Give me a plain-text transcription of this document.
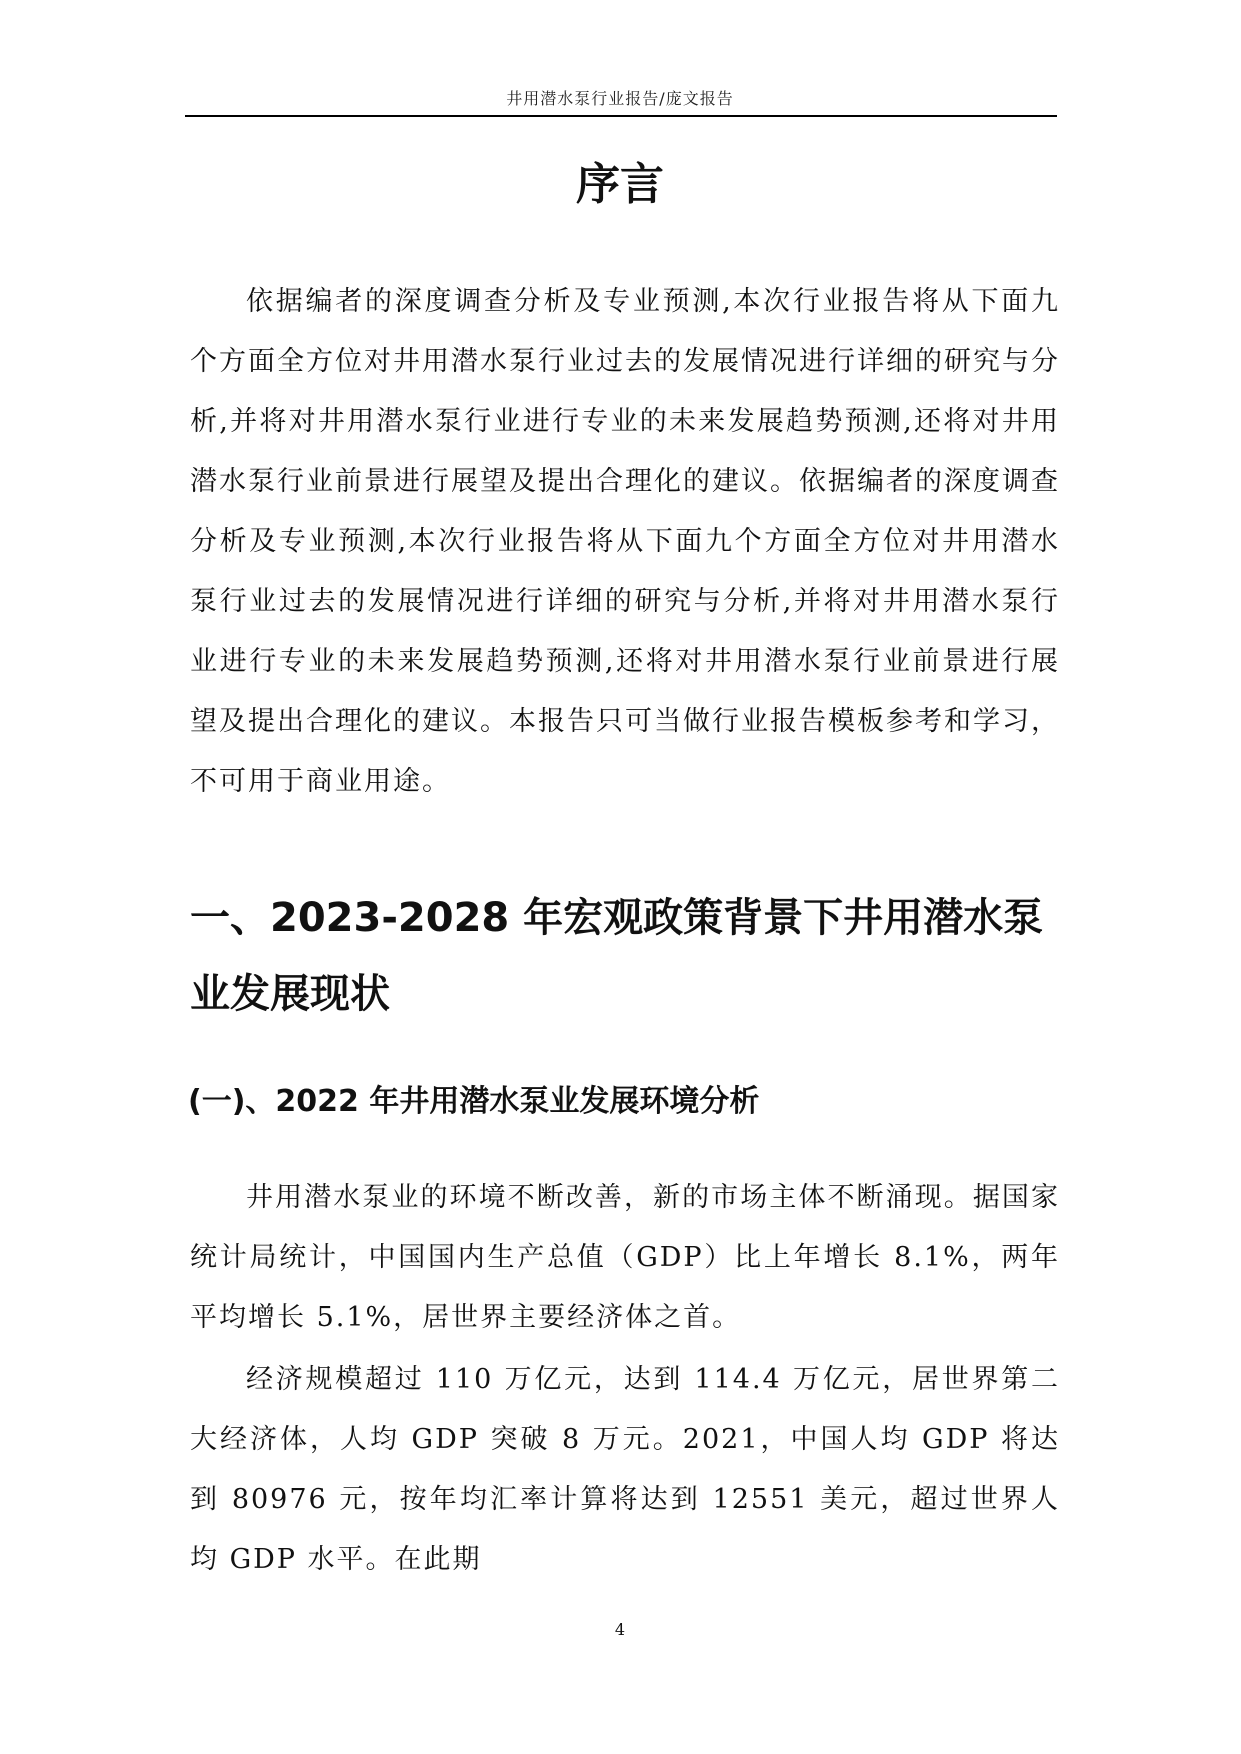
井用潜水泵行业报告/庞文报告
序言

依据编者的深度调查分析及专业预测,本次行业报告将从下面九个方面全方位对井用潜水泵行业过去的发展情况进行详细的研究与分析,并将对井用潜水泵行业进行专业的未来发展趋势预测,还将对井用潜水泵行业前景进行展望及提出合理化的建议。依据编者的深度调查分析及专业预测,本次行业报告将从下面九个方面全方位对井用潜水泵行业过去的发展情况进行详细的研究与分析,并将对井用潜水泵行业进行专业的未来发展趋势预测,还将对井用潜水泵行业前景进行展望及提出合理化的建议。本报告只可当做行业报告模板参考和学习，不可用于商业用途。

一、2023-2028 年宏观政策背景下井用潜水泵业发展现状
(一)、2022 年井用潜水泵业发展环境分析

井用潜水泵业的环境不断改善，新的市场主体不断涌现。据国家统计局统计，中国国内生产总值（GDP）比上年增长 8.1%，两年平均增长 5.1%，居世界主要经济体之首。

经济规模超过 110 万亿元，达到 114.4 万亿元，居世界第二大经济体，人均 GDP 突破 8 万元。2021，中国人均 GDP 将达到 80976 元，按年均汇率计算将达到 12551 美元，超过世界人均 GDP 水平。在此期

4
